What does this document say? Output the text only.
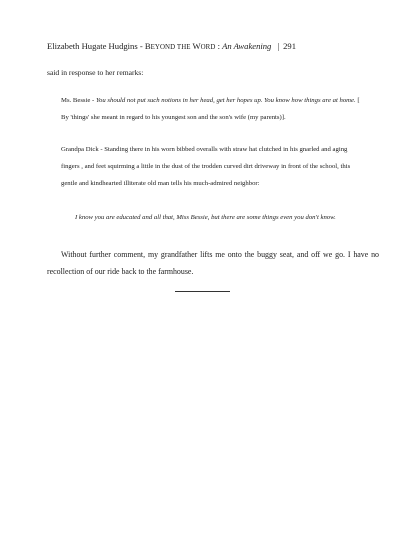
Elizabeth Hugate Hudgins - BEYOND THE WORD : An Awakening | 291
said in response to her remarks:
Ms. Bessie - You should not put such notions in her head, get her hopes up. You know how things are at home. [ By 'things' she meant in regard to his youngest son and the son's wife (my parents)].
Grandpa Dick - Standing there in his worn bibbed overalls with straw hat clutched in his gnarled and aging fingers , and feet squirming a little in the dust of the trodden curved dirt driveway in front of the school, this gentle and kindhearted illiterate old man tells his much-admired neighbor:
I know you are educated and all that, Miss Bessie, but there are some things even you don't know.
Without further comment, my grandfather lifts me onto the buggy seat, and off we go. I have no recollection of our ride back to the farmhouse.
